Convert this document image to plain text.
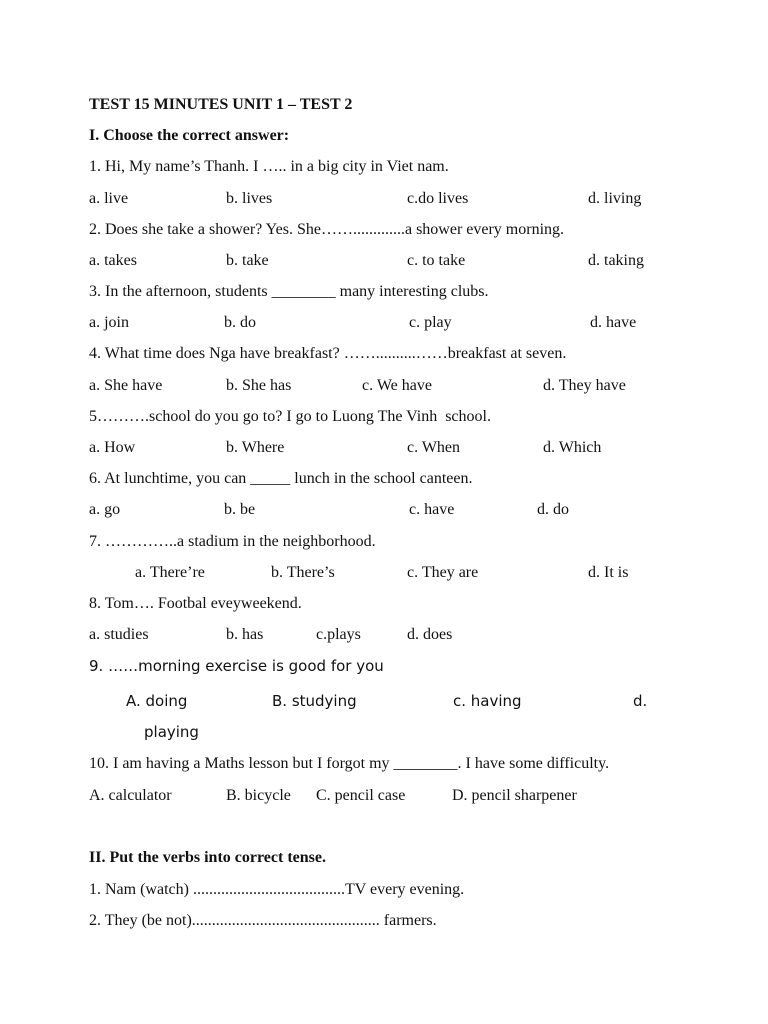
TEST 15 MINUTES UNIT 1 – TEST 2
I. Choose the correct answer:
1. Hi, My name’s Thanh. I ….. in a big city in Viet nam.
a. live	b. lives	c.do lives	d. living
2. Does she take a shower? Yes. She…….............a shower every morning.
a. takes	b. take	c. to take	d. taking
3. In the afternoon, students ________ many interesting clubs.
a. join	b. do	c. play	d. have
4. What time does Nga have breakfast? ……..........……breakfast at seven.
a. She have	b. She has	c. We have	d. They have
5……….school do you go to? I go to Luong The Vinh  school.
a. How	b. Where	c. When	d. Which
6. At lunchtime, you can _____ lunch in the school canteen.
a. go	b. be	c. have	d. do
7. …………..a stadium in the neighborhood.
a. There’re	b. There’s	c. They are	d. It is
8. Tom…. Footbal eveyweekend.
a. studies	b. has	c.plays	d. does
9. ……morning exercise is good for you
A. doing	B. studying	c. having	d.
playing
10. I am having a Maths lesson but I forgot my ________. I have some difficulty.
A. calculator	B. bicycle C. pencil case	D. pencil sharpener
II. Put the verbs into correct tense.
1. Nam (watch) ......................................TV every evening.
2. They (be not)............................................... farmers.
